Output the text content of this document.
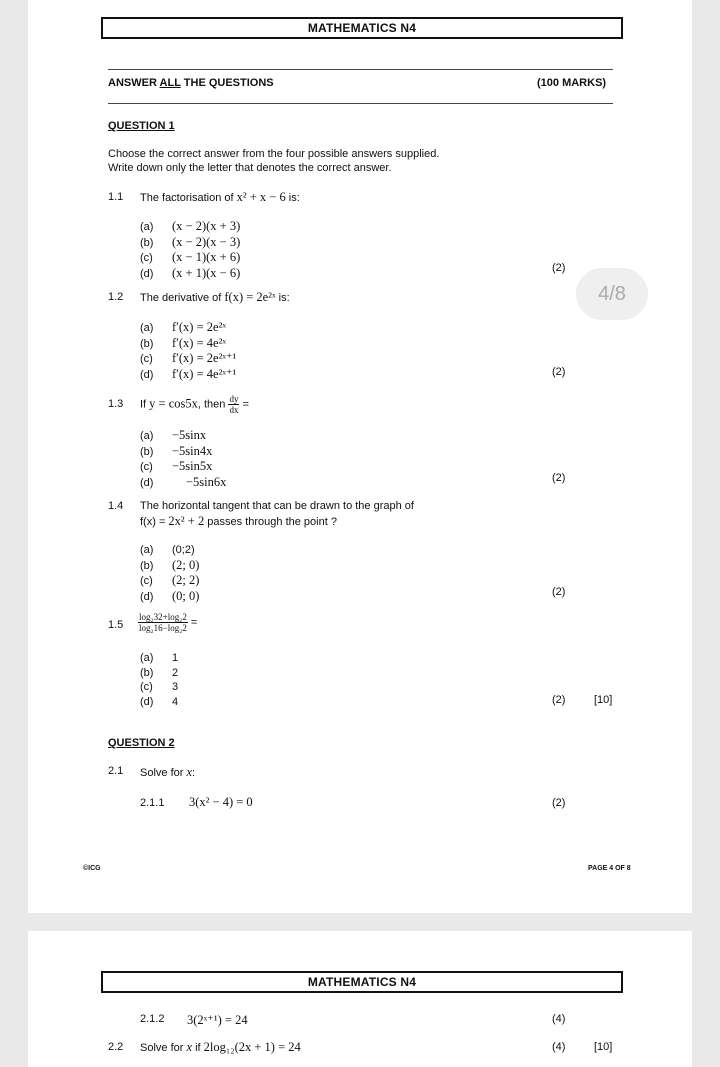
MATHEMATICS N4
ANSWER ALL THE QUESTIONS	(100 MARKS)
QUESTION 1
Choose the correct answer from the four possible answers supplied.
Write down only the letter that denotes the correct answer.
1.1 The factorisation of x² + x − 6 is:
(a) (x − 2)(x + 3)
(b) (x − 2)(x − 3)
(c) (x − 1)(x + 6)
(d) (x + 1)(x − 6)	(2)
1.2 The derivative of f(x) = 2e²ˣ is:
(a) f′(x) = 2e²ˣ
(b) f′(x) = 4e²ˣ
(c) f′(x) = 2e²ˣ⁺¹
(d) f′(x) = 4e²ˣ⁺¹	(2)
1.3 If y = cos5x, then $\frac{dy}{dx}$ =
(a) −5sinx
(b) −5sin4x
(c) −5sin5x
(d)	−5sin6x	(2)
1.4 The horizontal tangent that can be drawn to the graph of
f(x) = 2x² + 2 passes through the point ?
(a) (0;2)
(b) (2; 0)
(c) (2; 2)
(d) (0; 0)	(2)
$1.5 \frac{\text{log₂32+log₂2}}{\text{log₂16−log₂2}}$ =
(a) 1
(b) 2
(c) 3
(d) 4	(2)	[10]
QUESTION 2
2.1 Solve for x:
2.1.1 3(x² − 4) = 0	(2)
©ICG	PAGE 4 OF 8
4/8
MATHEMATICS N4
2.1.2 3(2ˣ⁺¹) = 24	(4)
2.2 Solve for x if 2log₁₂(2x + 1) = 24	(4)	[10]
